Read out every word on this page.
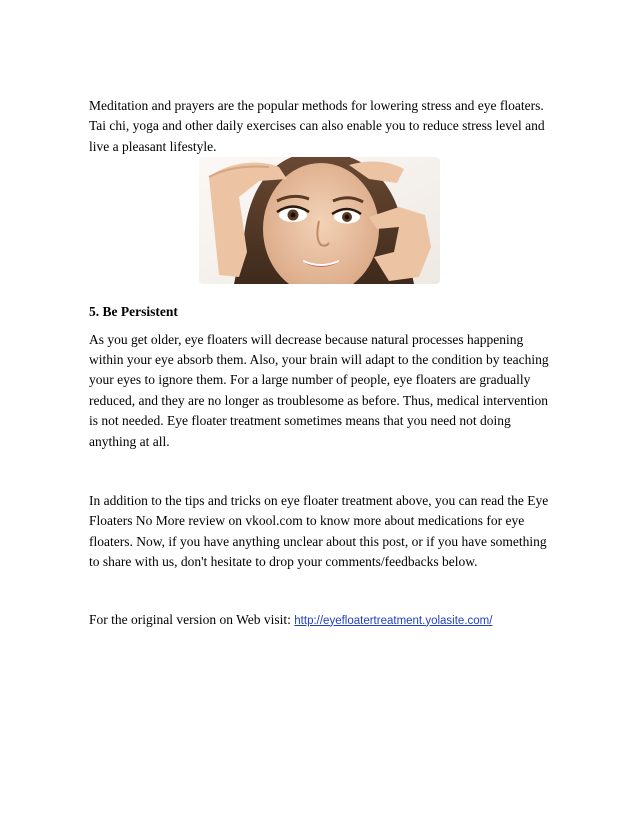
Meditation and prayers are the popular methods for lowering stress and eye floaters. Tai chi, yoga and other daily exercises can also enable you to reduce stress level and live a pleasant lifestyle.

5. Be Persistent

As you get older, eye floaters will decrease because natural processes happening within your eye absorb them. Also, your brain will adapt to the condition by teaching your eyes to ignore them. For a large number of people, eye floaters are gradually reduced, and they are no longer as troublesome as before. Thus, medical intervention is not needed. Eye floater treatment sometimes means that you need not doing anything at all.

In addition to the tips and tricks on eye floater treatment above, you can read the Eye Floaters No More review on vkool.com to know more about medications for eye floaters. Now, if you have anything unclear about this post, or if you have something to share with us, don't hesitate to drop your comments/feedbacks below.

For the original version on Web visit: http://eyefloatertreatment.yolasite.com/
